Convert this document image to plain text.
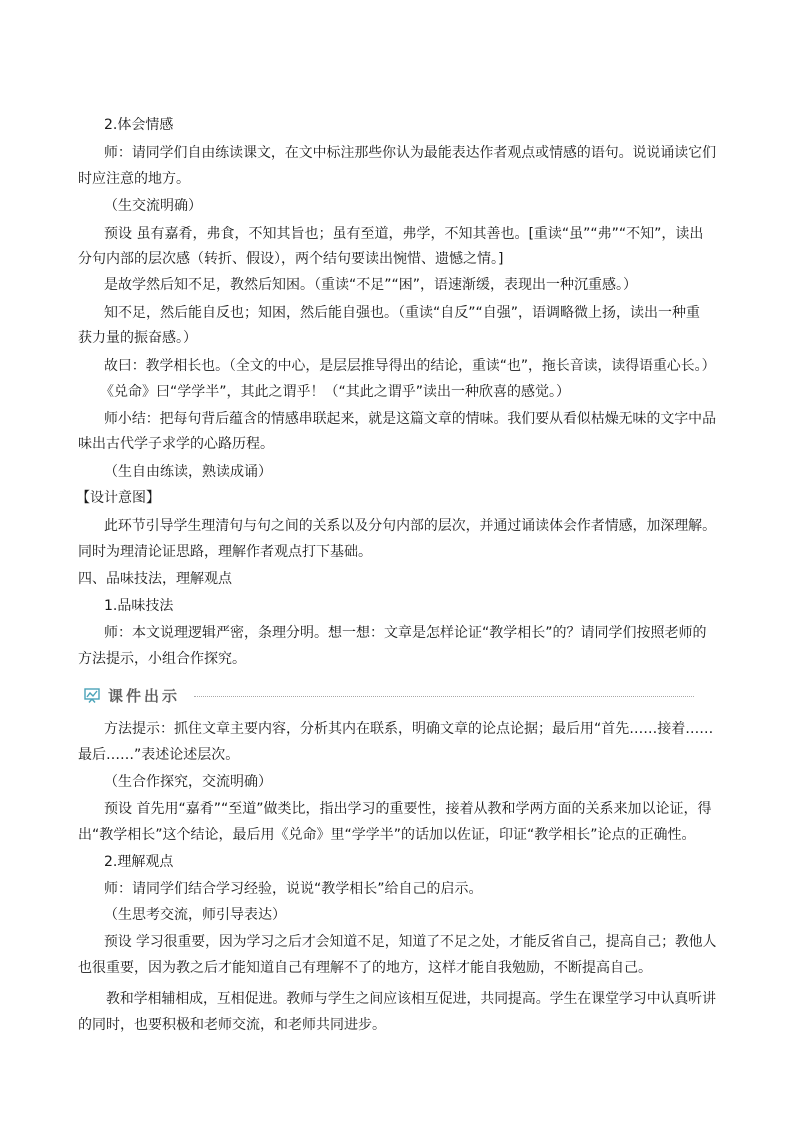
2.体会情感
师：请同学们自由练读课文，在文中标注那些你认为最能表达作者观点或情感的语句。说说诵读它们
时应注意的地方。
（生交流明确）
预设 虽有嘉肴，弗食，不知其旨也；虽有至道，弗学，不知其善也。[重读“虽”“弗”“不知”，读出
分句内部的层次感（转折、假设），两个结句要读出惋惜、遗憾之情。]
是故学然后知不足，教然后知困。（重读“不足”“困”，语速渐缓，表现出一种沉重感。）
知不足，然后能自反也；知困，然后能自强也。（重读“自反”“自强”，语调略微上扬，读出一种重
获力量的振奋感。）
故曰：教学相长也。（全文的中心，是层层推导得出的结论，重读“也”，拖长音读，读得语重心长。）
《兑命》曰“学学半”，其此之谓乎！（“其此之谓乎”读出一种欣喜的感觉。）
师小结：把每句背后蕴含的情感串联起来，就是这篇文章的情味。我们要从看似枯燥无味的文字中品
味出古代学子求学的心路历程。
（生自由练读，熟读成诵）
【设计意图】
此环节引导学生理清句与句之间的关系以及分句内部的层次，并通过诵读体会作者情感，加深理解。
同时为理清论证思路，理解作者观点打下基础。
四、品味技法，理解观点
1.品味技法
师：本文说理逻辑严密，条理分明。想一想：文章是怎样论证“教学相长”的？请同学们按照老师的
方法提示，小组合作探究。
课件出示
方法提示：抓住文章主要内容，分析其内在联系，明确文章的论点论据；最后用“首先……接着……
最后……”表述论述层次。
（生合作探究，交流明确）
预设 首先用“嘉肴”“至道”做类比，指出学习的重要性，接着从教和学两方面的关系来加以论证，得
出“教学相长”这个结论，最后用《兑命》里“学学半”的话加以佐证，印证“教学相长”论点的正确性。
2.理解观点
师：请同学们结合学习经验，说说“教学相长”给自己的启示。
（生思考交流，师引导表达）
预设 学习很重要，因为学习之后才会知道不足，知道了不足之处，才能反省自己，提高自己；教他人
也很重要，因为教之后才能知道自己有理解不了的地方，这样才能自我勉励，不断提高自己。
教和学相辅相成，互相促进。教师与学生之间应该相互促进，共同提高。学生在课堂学习中认真听讲
的同时，也要积极和老师交流，和老师共同进步。
